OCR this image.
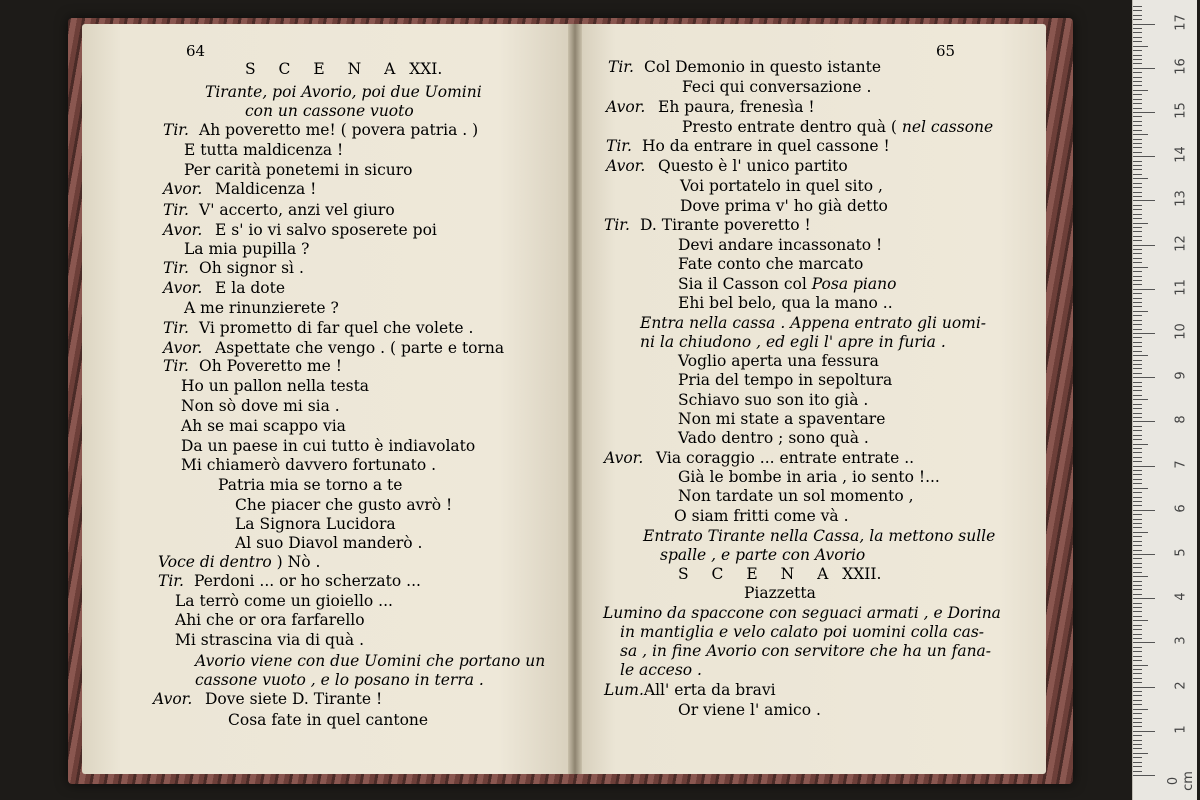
64	65
S C E N A XXI.
Tirante, poi Avorio, poi due Uomini
con un cassone vuoto
Tir. Ah poveretto me! ( povera patria . )
E tutta maldicenza !
Per carità ponetemi in sicuro
Avor. Maldicenza !
Tir. V' accerto, anzi vel giuro
Avor. E s' io vi salvo sposerete poi
La mia pupilla ?
Tir. Oh signor sì .
Avor. E la dote
A me rinunzierete ?
Tir. Vi prometto di far quel che volete .
Avor. Aspettate che vengo . ( parte e torna
Tir. Oh Poveretto me !
Ho un pallon nella testa
Non sò dove mi sia .
Ah se mai scappo via
Da un paese in cui tutto è indiavolato
Mi chiamerò davvero fortunato .
Patria mia se torno a te
Che piacer che gusto avrò !
La Signora Lucidora
Al suo Diavol manderò .
Voce di dentro ) Nò .
Tir. Perdoni ... or ho scherzato ...
La terrò come un gioiello ...
Ahi che or ora farfarello
Mi strascina via di quà .
Avorio viene con due Uomini che portano un
cassone vuoto , e lo posano in terra .
Avor. Dove siete D. Tirante !
Cosa fate in quel cantone
Tir. Col Demonio in questo istante
Feci qui conversazione .
Avor. Eh paura, frenesìa !
Presto entrate dentro quà ( nel cassone
Tir. Ho da entrare in quel cassone !
Avor. Questo è l' unico partito
Voi portatelo in quel sito ,
Dove prima v' ho già detto
Tir. D. Tirante poveretto !
Devi andare incassonato !
Fate conto che marcato
Sia il Casson col Posa piano
Ehi bel belo, qua la mano ..
Entra nella cassa . Appena entrato gli uomi-
ni la chiudono , ed egli l' apre in furia .
Voglio aperta una fessura
Pria del tempo in sepoltura
Schiavo suo son ito già .
Non mi state a spaventare
Vado dentro ; sono quà .
Avor. Via coraggio ... entrate entrate ..
Già le bombe in aria , io sento !...
Non tardate un sol momento ,
O siam fritti come và .
Entrato Tirante nella Cassa, la mettono sulle
spalle , e parte con Avorio
S C E N A XXII.
Piazzetta
Lumino da spaccone con seguaci armati , e Dorina
in mantiglia e velo calato poi uomini colla cas-
sa , in fine Avorio con servitore che ha un fana-
le acceso .
Lum.All' erta da bravi
Or viene l' amico .
0 cm
1
2
3
4
5
6
7
8
9
10
11
12
13
14
15
16
17
